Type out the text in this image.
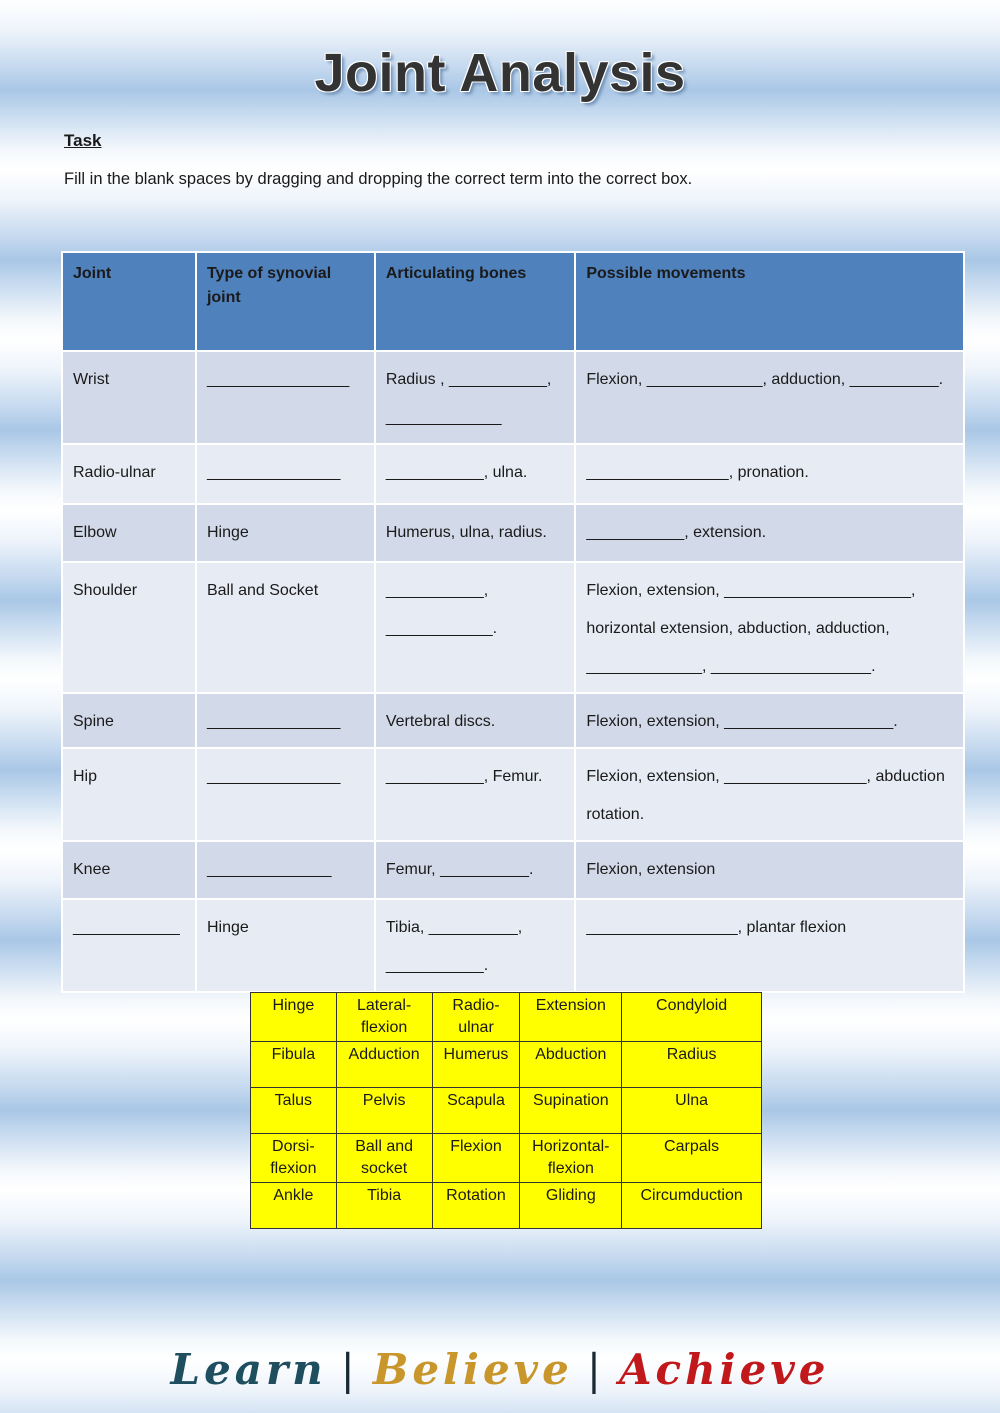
Joint Analysis
Task
Fill in the blank spaces by dragging and dropping the correct term into the correct box.
Joint	Type of synovial joint	Articulating bones	Possible movements
Wrist	________________	Radius , ___________, _____________	Flexion, _____________, adduction, __________.
Radio-ulnar	_______________	___________, ulna.	________________, pronation.
Elbow	Hinge	Humerus, ulna, radius.	___________, extension.
Shoulder	Ball and Socket	___________, ____________.	Flexion, extension, _____________________, horizontal extension, abduction, adduction, _____________, __________________.
Spine	_______________	Vertebral discs.	Flexion, extension, ___________________.
Hip	_______________	___________, Femur.	Flexion, extension, ________________, abduction rotation.
Knee	______________	Femur, __________.	Flexion, extension
____________	Hinge	Tibia, __________, ___________.	_________________, plantar flexion
Hinge	Lateral-flexion	Radio-ulnar	Extension	Condyloid
Fibula	Adduction	Humerus	Abduction	Radius
Talus	Pelvis	Scapula	Supination	Ulna
Dorsi-flexion	Ball and socket	Flexion	Horizontal-flexion	Carpals
Ankle	Tibia	Rotation	Gliding	Circumduction
Learn | Believe | Achieve
